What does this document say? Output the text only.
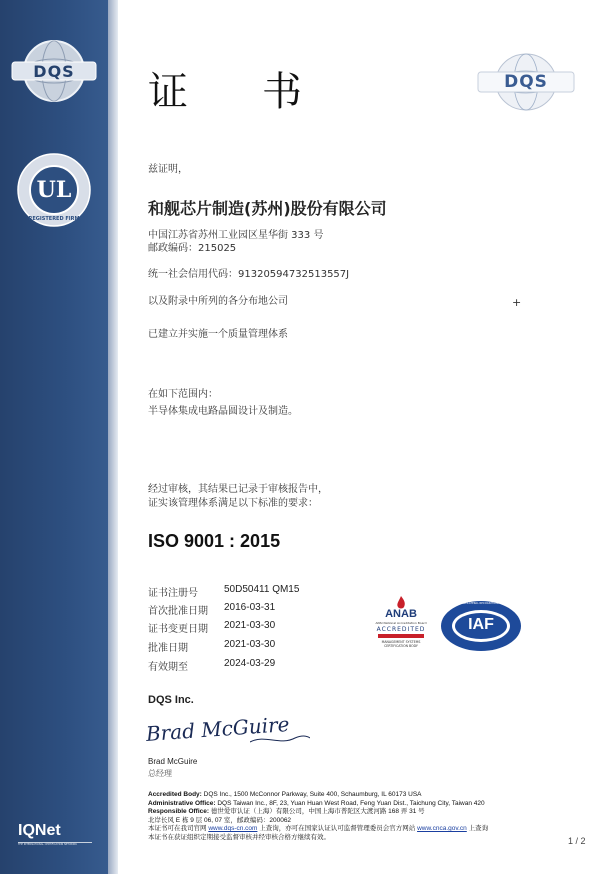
DQS
UL
REGISTERED FIRM
IQNet
THE INTERNATIONAL CERTIFICATION NETWORK
证 书	DQS
兹证明，
和舰芯片制造(苏州)股份有限公司
中国江苏省苏州工业园区星华街 333 号
邮政编码：215025
统一社会信用代码：91320594732513557J
以及附录中所列的各分布地公司	+
已建立并实施一个质量管理体系
在如下范围内：
半导体集成电路晶圆设计及制造。
经过审核，其结果已记录于审核报告中，
证实该管理体系满足以下标准的要求：
ISO 9001 : 2015
证书注册号	50D50411 QM15
首次批准日期 2016-03-31
证书变更日期 2021-03-30
批准日期	2021-03-30
有效期至	2024-03-29
ANAB
ANSI National Accreditation Board
ACCREDITED
MANAGEMENT SYSTEMS
CERTIFICATION BODY
IAF
MEMBER OF MULTILATERAL RECOGNITION ARRANGEMENT
DQS Inc.
Brad McGuire
Brad McGuire
总经理
Accredited Body: DQS Inc., 1500 McConnor Parkway, Suite 400, Schaumburg, IL 60173 USA
Administrative Office: DQS Taiwan Inc., 8F, 23, Yuan Huan West Road, Feng Yuan Dist., Taichung City, Taiwan 420
Responsible Office: 德世爱审认证（上海）有限公司，中国上海市普陀区大渡河路 168 弄 31 号
北岸长风 E 栋 9 层 06, 07 室，邮政编码：200062
本证书可在我司官网 www.dqs-cn.com 上查询，亦可在国家认证认可监督管理委员会官方网站 www.cnca.gov.cn 上查询
本证书在获证组织定期接受监督审核并经审核合格方继续有效。	1 / 2
